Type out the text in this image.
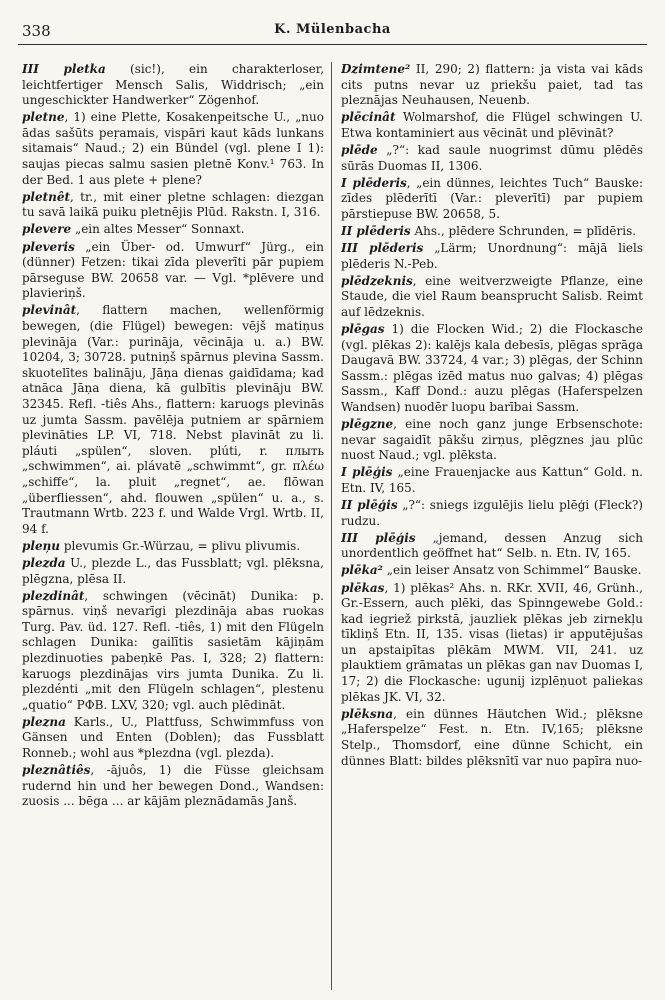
338	K. Mülenbacha

III pletka (sic!), ein charakterloser, leichtfertiger Mensch Salis, Widdrisch; „ein ungeschickter Handwerker“ Zögenhof.

pletne, 1) eine Plette, Kosakenpeitsche U., „nuo ādas sašūts peŗamais, vispāri kaut kāds lunkans sitamais“ Naud.; 2) ein Bündel (vgl. plene I 1): saujas piecas salmu sasien pletnē Konv.¹ 763. In der Bed. 1 aus plete + plene?

pletnêt, tr., mit einer pletne schlagen: diezgan tu savā laikā puiku pletnējis Plūd. Rakstn. I, 316.

plevere „ein altes Messer“ Sonnaxt.

pleveris „ein Über- od. Umwurf“ Jürg., ein (dünner) Fetzen: tikai zīda pleverīti pār pupiem pārseguse BW. 20658 var. — Vgl. *plēvere und plavieriņš.

plevinât, flattern machen, wellenförmig bewegen, (die Flügel) bewegen: vējš matiņus plevināja (Var.: purināja, vēcināja u. a.) BW. 10204, 3; 30728. putniņš spārnus plevina Sassm. skuotelītes balināju, Jāņa dienas gaidīdama; kad atnāca Jāņa diena, kā gulbītis plevināju BW. 32345. Refl. -tiês Ahs., flattern: karuogs plevinās uz jumta Sassm. pavēlēja putniem ar spārniem plevināties LP. VI, 718. Nebst plavināt zu li. pláuti „spülen“, sloven. plúti, r. плыть „schwimmen“, ai. plávatē „schwimmt“, gr. πλέω „schiffe“, la. pluit „regnet“, ae. flōwan „überfliessen“, ahd. flouwen „spülen“ u. a., s. Trautmann Wrtb. 223 f. und Walde Vrgl. Wrtb. II, 94 f.

pleņu plevumis Gr.-Würzau, = plivu plivumis.

plezda U., plezde L., das Fussblatt; vgl. plēksna, plēgzna, plēsa II.

plezdinât, schwingen (vēcināt) Dunika: p. spārnus. viņš nevarīgi plezdināja abas ruokas Turg. Pav. üd. 127. Refl. -tiês, 1) mit den Flügeln schlagen Dunika: gailītis sasietām kājiņām plezdinuoties pabeņkē Pas. I, 328; 2) flattern: karuogs plezdinājas virs jumta Dunika. Zu li. plezdénti „mit den Flügeln schlagen“, plestenu „quatio“ РФВ. LXV, 320; vgl. auch plēdināt.

plezna Karls., U., Plattfuss, Schwimmfuss von Gänsen und Enten (Doblen); das Fussblatt Ronneb.; wohl aus *plezdna (vgl. plezda).

pleznâtiês, -ājuôs, 1) die Füsse gleichsam rudernd hin und her bewegen Dond., Wandsen: zuosis ... bēga ... ar kājām pleznādamās Janš.

Dzimtene² II, 290; 2) flattern: ja vista vai kāds cits putns nevar uz priekšu paiet, tad tas pleznājas Neuhausen, Neuenb.

plēcinât Wolmarshof, die Flügel schwingen U. Etwa kontaminiert aus vēcināt und plēvināt?

plēde „?“: kad saule nuogrimst dūmu plēdēs sūrās Duomas II, 1306.

I plēderis, „ein dünnes, leichtes Tuch“ Bauske: zīdes plēderītī (Var.: pleverītī) par pupiem pārstiepuse BW. 20658, 5.

II plēderis Ahs., plēdere Schrunden, = plīdēris.

III plēderis „Lärm; Unordnung“: mājā liels plēderis N.-Peb.

plēdzeknis, eine weitverzweigte Pflanze, eine Staude, die viel Raum beansprucht Salisb. Reimt auf lēdzeknis.

plēgas 1) die Flocken Wid.; 2) die Flockasche (vgl. plēkas 2): kalējs kala debesīs, plēgas sprāga Daugavā BW. 33724, 4 var.; 3) plēgas, der Schinn Sassm.: plēgas izēd matus nuo galvas; 4) plēgas Sassm., Kaff Dond.: auzu plēgas (Haferspelzen Wandsen) nuodēr luopu barībai Sassm.

plēgzne, eine noch ganz junge Erbsenschote: nevar sagaidīt pākšu zirņus, plēgznes jau plūc nuost Naud.; vgl. plēksta.

I plēģis „eine Frauenjacke aus Kattun“ Gold. n. Etn. IV, 165.

II plēģis „?“: sniegs izgulējis lielu plēģi (Fleck?) rudzu.

III plēģis „jemand, dessen Anzug sich unordentlich geöffnet hat“ Selb. n. Etn. IV, 165.

plēka² „ein leiser Ansatz von Schimmel“ Bauske.

plēkas, 1) plēkas² Ahs. n. RKr. XVII, 46, Grünh., Gr.-Essern, auch plēki, das Spinngewebe Gold.: kad iegriež pirkstā, jauzliek plēkas jeb zirnekļu tīkliņš Etn. II, 135. visas (lietas) ir apputējušas un apstaipītas plēkām MWM. VII, 241. uz plauktiem grāmatas un plēkas gan nav Duomas I, 17; 2) die Flockasche: ugunij izplēņuot paliekas plēkas JK. VI, 32.

plēksna, ein dünnes Häutchen Wid.; plēksne „Haferspelze“ Fest. n. Etn. IV,165; plēksne Stelp., Thomsdorf, eine dünne Schicht, ein dünnes Blatt: bildes plēksnītī var nuo papīra nuo-
